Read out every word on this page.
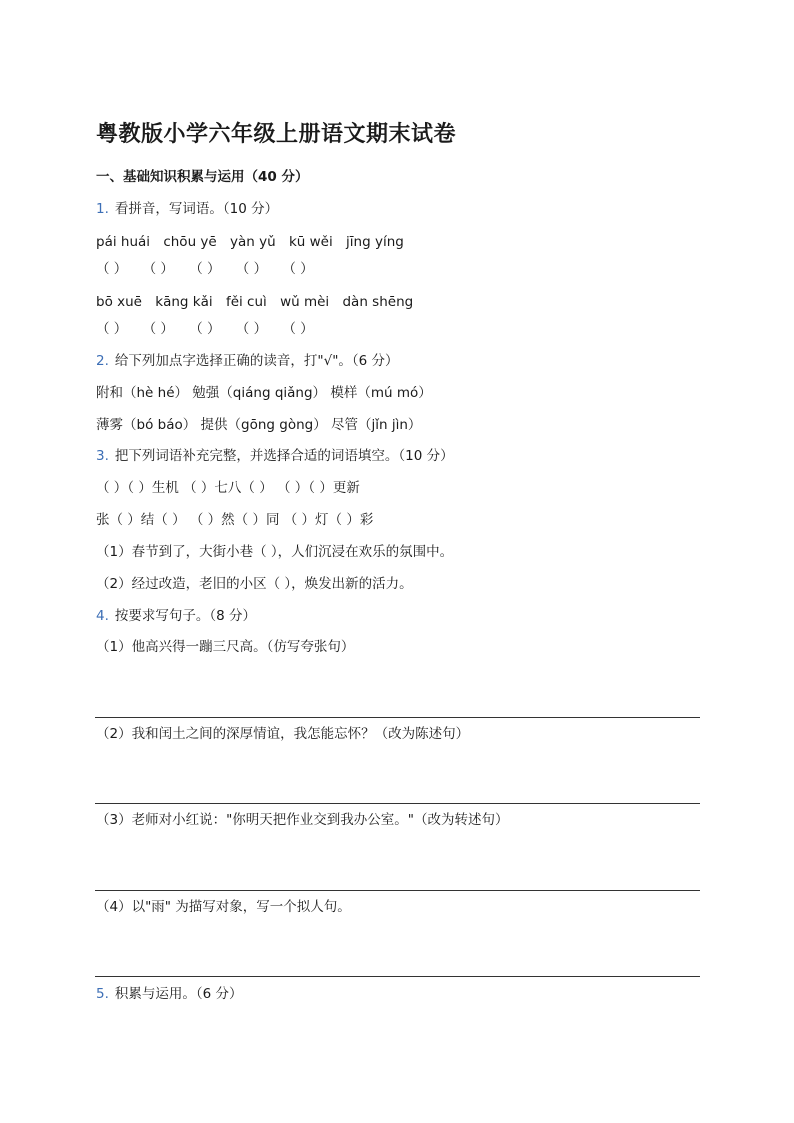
粤教版小学六年级上册语文期末试卷
一、基础知识积累与运用（40 分）
1. 看拼音，写词语。（10 分）
pái huái chōu yē yàn yǔ kū wěi jīng yíng
（ ） （ ） （ ） （ ） （ ）
bō xuē kāng kǎi fěi cuì wǔ mèi dàn shēng
（ ） （ ） （ ） （ ） （ ）
2. 给下列加点字选择正确的读音，打"√"。（6 分）
附和（hè hé） 勉强（qiáng qiǎng） 模样（mú mó）
薄雾（bó báo） 提供（gōng gòng） 尽管（jǐn jìn）
3. 把下列词语补充完整，并选择合适的词语填空。（10 分）
（ ）（ ）生机 （ ）七八（ ） （ ）（ ）更新
张（ ）结（ ） （ ）然（ ）同 （ ）灯（ ）彩
（1）春节到了，大街小巷（ ），人们沉浸在欢乐的氛围中。
（2）经过改造，老旧的小区（ ），焕发出新的活力。
4. 按要求写句子。（8 分）
（1）他高兴得一蹦三尺高。（仿写夸张句）
（2）我和闰土之间的深厚情谊，我怎能忘怀？（改为陈述句）
（3）老师对小红说："你明天把作业交到我办公室。"（改为转述句）
（4）以"雨" 为描写对象，写一个拟人句。
5. 积累与运用。（6 分）
